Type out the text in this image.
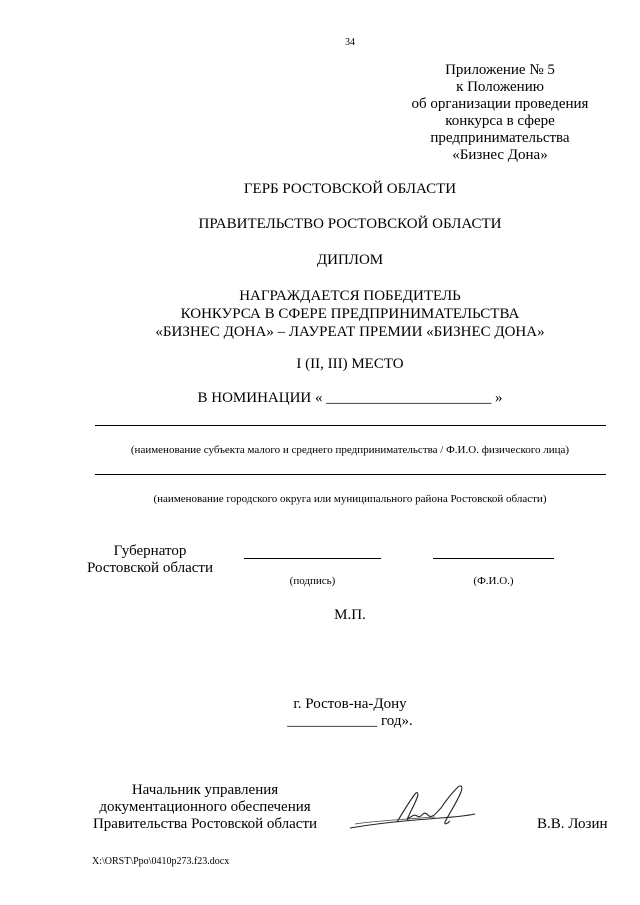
34
Приложение № 5
к Положению
об организации проведения
конкурса в сфере
предпринимательства
«Бизнес Дона»
ГЕРБ РОСТОВСКОЙ ОБЛАСТИ
ПРАВИТЕЛЬСТВО РОСТОВСКОЙ ОБЛАСТИ
ДИПЛОМ
НАГРАЖДАЕТСЯ ПОБЕДИТЕЛЬ
КОНКУРСА В СФЕРЕ ПРЕДПРИНИМАТЕЛЬСТВА
«БИЗНЕС ДОНА» – ЛАУРЕАТ ПРЕМИИ «БИЗНЕС ДОНА»
I (II, III) МЕСТО
В НОМИНАЦИИ « ______________________ »
(наименование субъекта малого и среднего предпринимательства / Ф.И.О. физического лица)
(наименование городского округа или муниципального района Ростовской области)
Губернатор
Ростовской области
(подпись)	(Ф.И.О.)
М.П.
г. Ростов-на-Дону
____________ год».
Начальник управления
документационного обеспечения
Правительства Ростовской области	В.В. Лозин
X:\ORST\Ppo\0410p273.f23.docx
